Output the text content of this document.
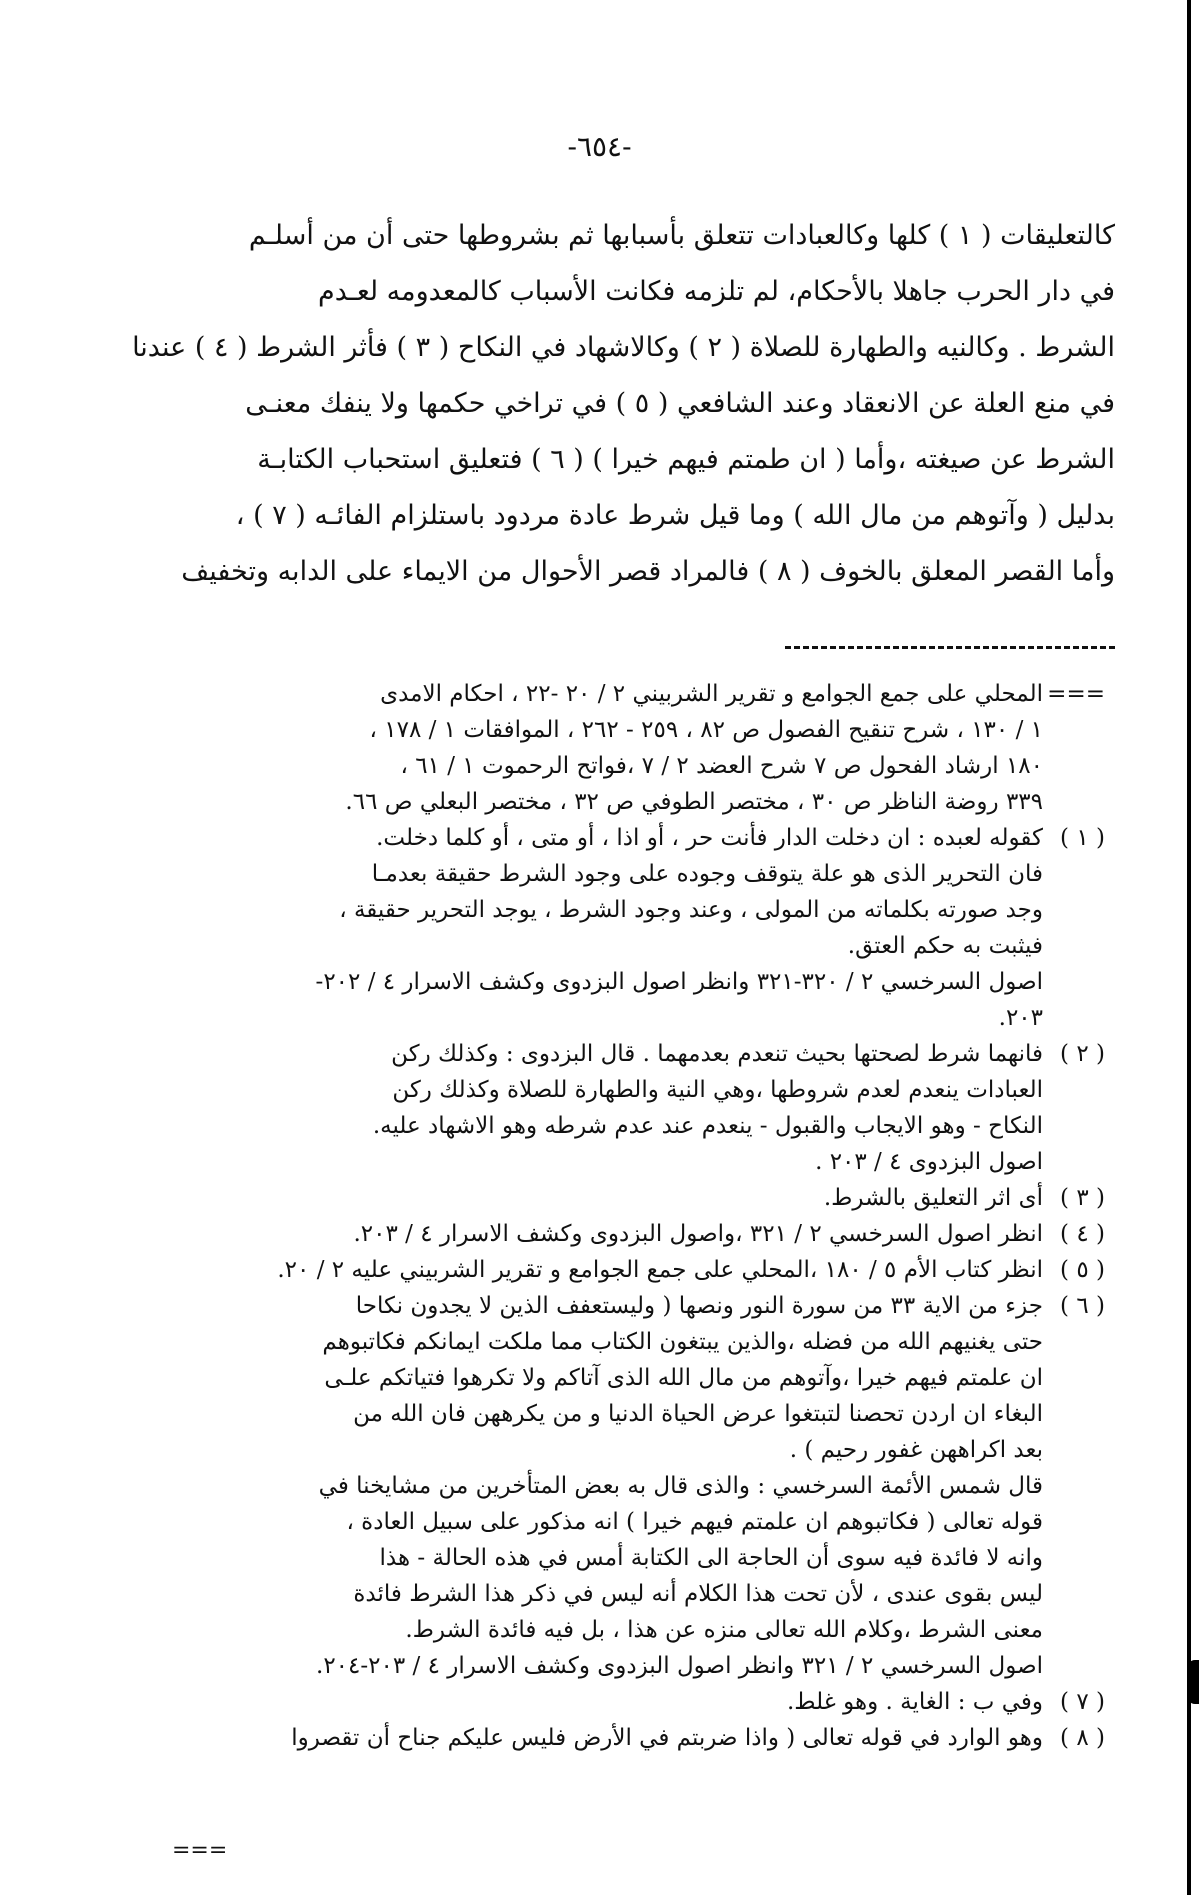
-٦٥٤-
كالتعليقات ( ١ ) كلها وكالعبادات تتعلق بأسبابها ثم بشروطها حتى أن من أسلـم
في دار الحرب جاهلا بالأحكام، لم تلزمه فكانت الأسباب كالمعدومه لعـدم
الشرط . وكالنيه والطهارة للصلاة ( ٢ ) وكالاشهاد في النكاح ( ٣ ) فأثر الشرط ( ٤ ) عندنا
في منع العلة عن الانعقاد وعند الشافعي ( ٥ ) في تراخي حكمها ولا ينفك معنـى
الشرط عن صيغته ،وأما ( ان طمتم فيهم خيرا ) ( ٦ ) فتعليق استحباب الكتابـة
بدليل ( وآتوهم من مال الله ) وما قيل شرط عادة مردود باستلزام الفائـه ( ٧ ) ،
وأما القصر المعلق بالخوف ( ٨ ) فالمراد قصر الأحوال من الايماء على الدابه وتخفيف
===
المحلي على جمع الجوامع و تقرير الشربيني ٢ / ٢٠ -٢٢ ، احكام الامدى
١ / ١٣٠ ، شرح تنقيح الفصول ص ٨٢ ، ٢٥٩ - ٢٦٢ ، الموافقات ١ / ١٧٨ ،
١٨٠ ارشاد الفحول ص ٧ شرح العضد ٢ / ٧ ،فواتح الرحموت ١ / ٦١ ،
٣٣٩ روضة الناظر ص ٣٠ ، مختصر الطوفي ص ٣٢ ، مختصر البعلي ص ٦٦.
( ١ )
كقوله لعبده : ان دخلت الدار فأنت حر ، أو اذا ، أو متى ، أو كلما دخلت.
فان التحرير الذى هو علة يتوقف وجوده على وجود الشرط حقيقة بعدمـا
وجد صورته بكلماته من المولى ، وعند وجود الشرط ، يوجد التحرير حقيقة ،
فيثبت به حكم العتق.
اصول السرخسي ٢ / ٣٢٠-٣٢١ وانظر اصول البزدوى وكشف الاسرار ٤ / ٢٠٢-
٢٠٣.
( ٢ )
فانهما شرط لصحتها بحيث تنعدم بعدمهما . قال البزدوى : وكذلك ركن
العبادات ينعدم لعدم شروطها ،وهي النية والطهارة للصلاة وكذلك ركن
النكاح - وهو الايجاب والقبول - ينعدم عند عدم شرطه وهو الاشهاد عليه.
اصول البزدوى ٤ / ٢٠٣ .
( ٣ )
أى اثر التعليق بالشرط.
( ٤ )
انظر اصول السرخسي ٢ / ٣٢١ ،واصول البزدوى وكشف الاسرار ٤ / ٢٠٣.
( ٥ )
انظر كتاب الأم ٥ / ١٨٠ ،المحلي على جمع الجوامع و تقرير الشربيني عليه ٢ / ٢٠.
( ٦ )
جزء من الاية ٣٣ من سورة النور ونصها ( وليستعفف الذين لا يجدون نكاحا
حتى يغنيهم الله من فضله ،والذين يبتغون الكتاب مما ملكت ايمانكم فكاتبوهم
ان علمتم فيهم خيرا ،وآتوهم من مال الله الذى آتاكم ولا تكرهوا فتياتكم علـى
البغاء ان اردن تحصنا لتبتغوا عرض الحياة الدنيا و من يكرههن فان الله من
بعد اكراههن غفور رحيم ) .
قال شمس الأئمة السرخسي : والذى قال به بعض المتأخرين من مشايخنا في
قوله تعالى ( فكاتبوهم ان علمتم فيهم خيرا ) انه مذكور على سبيل العادة ،
وانه لا فائدة فيه سوى أن الحاجة الى الكتابة أمس في هذه الحالة - هذا
ليس بقوى عندى ، لأن تحت هذا الكلام أنه ليس في ذكر هذا الشرط فائدة
معنى الشرط ،وكلام الله تعالى منزه عن هذا ، بل فيه فائدة الشرط.
اصول السرخسي ٢ / ٣٢١ وانظر اصول البزدوى وكشف الاسرار ٤ / ٢٠٣-٢٠٤.
( ٧ )
وفي ب : الغاية . وهو غلط.
( ٨ )
وهو الوارد في قوله تعالى ( واذا ضربتم في الأرض فليس عليكم جناح أن تقصروا
===
